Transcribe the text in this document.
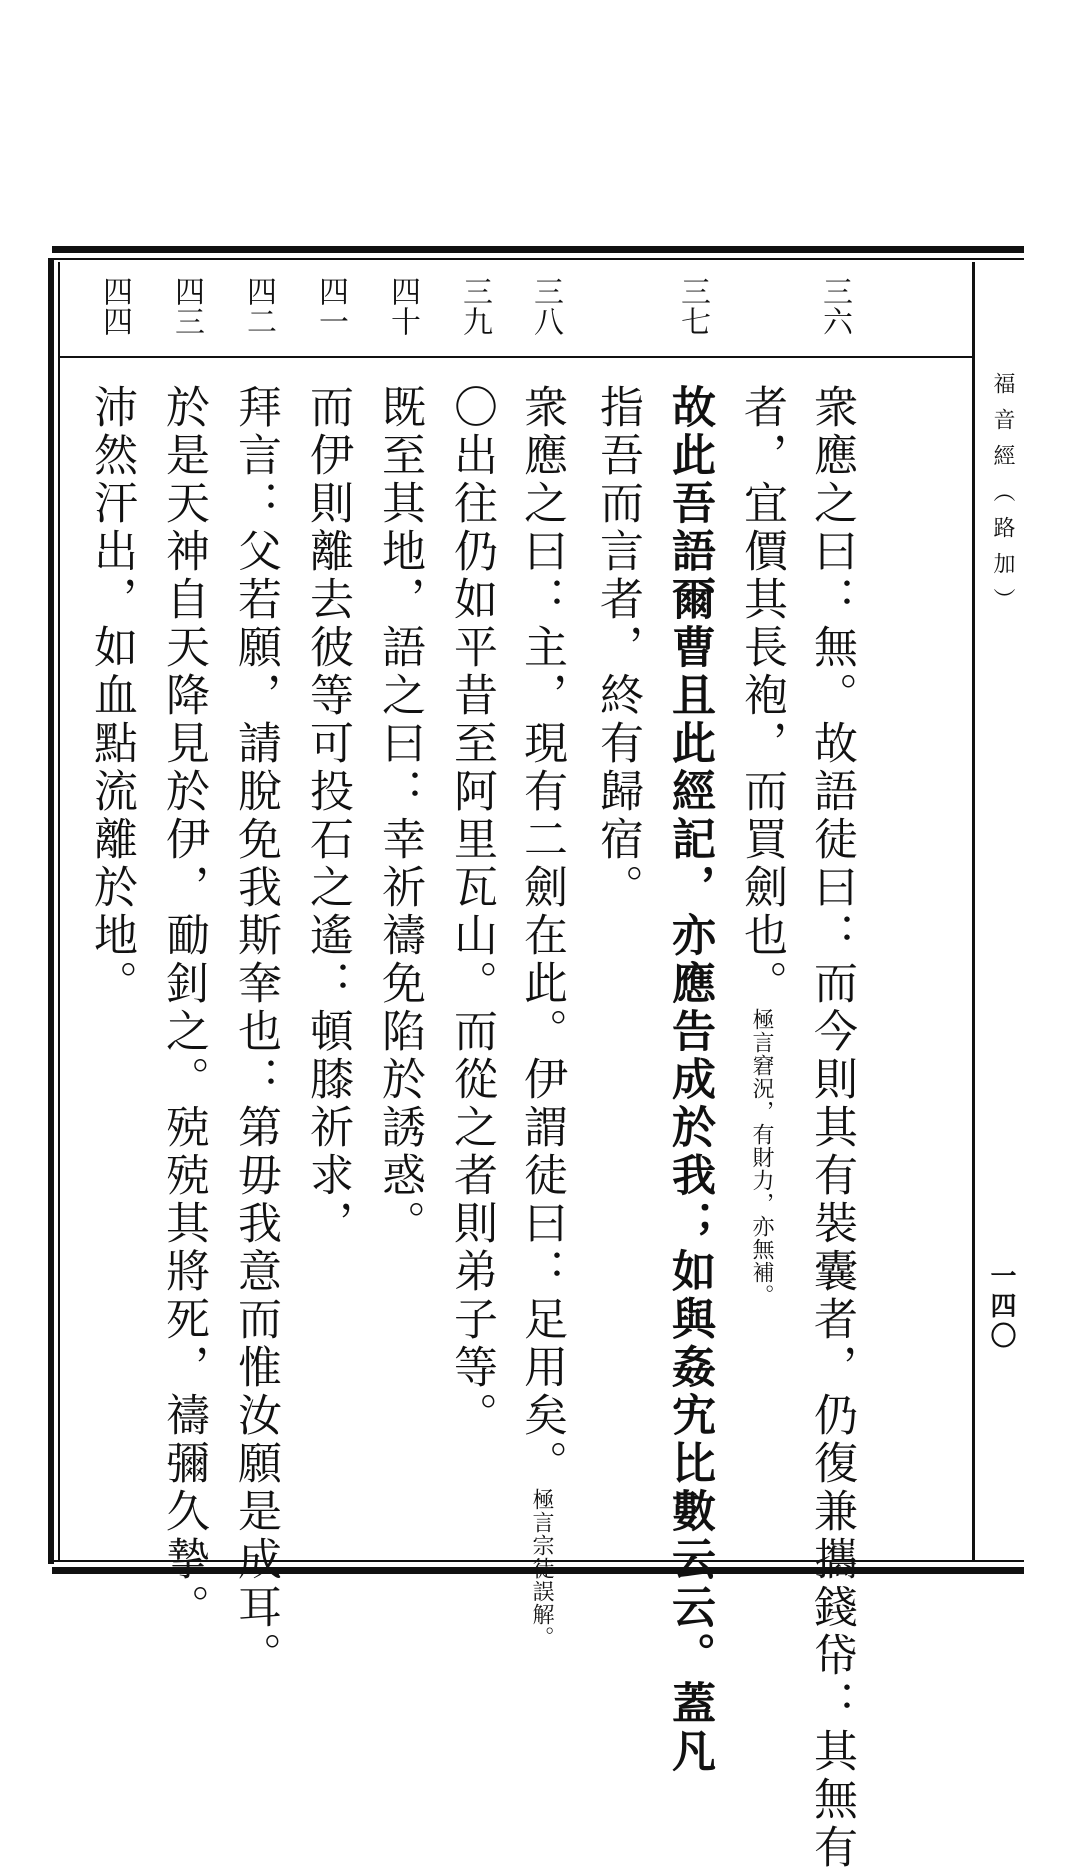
福音經（路加）
一四〇
三六
三七
三八
三九
四十
四一
四二
四三
四四
衆應之曰：無。故語徒曰：而今則其有裝囊者，仍復兼攜錢帒：其無有
者，宜價其長袍，而買劍也。極言窘況，有財力，亦無補。
故此吾語爾曹且此經記，亦應告成於我；如與姦宄比數云云。蓋凡
指吾而言者，終有歸宿。
衆應之曰：主，現有二劍在此。伊謂徒曰：足用矣。極言宗徒誤解。
〇出往仍如平昔至阿里瓦山。而從之者則弟子等。
既至其地，語之曰：幸祈禱免陷於誘惑。
而伊則離去彼等可投石之遙：頓膝祈求，
拜言：父若願，請脫免我斯羍也：第毋我意而惟汝願是成耳。
於是天神自天降見於伊，勔釗之。殑殑其將死，禱彌久摯。
沛然汗出，如血點流離於地。
